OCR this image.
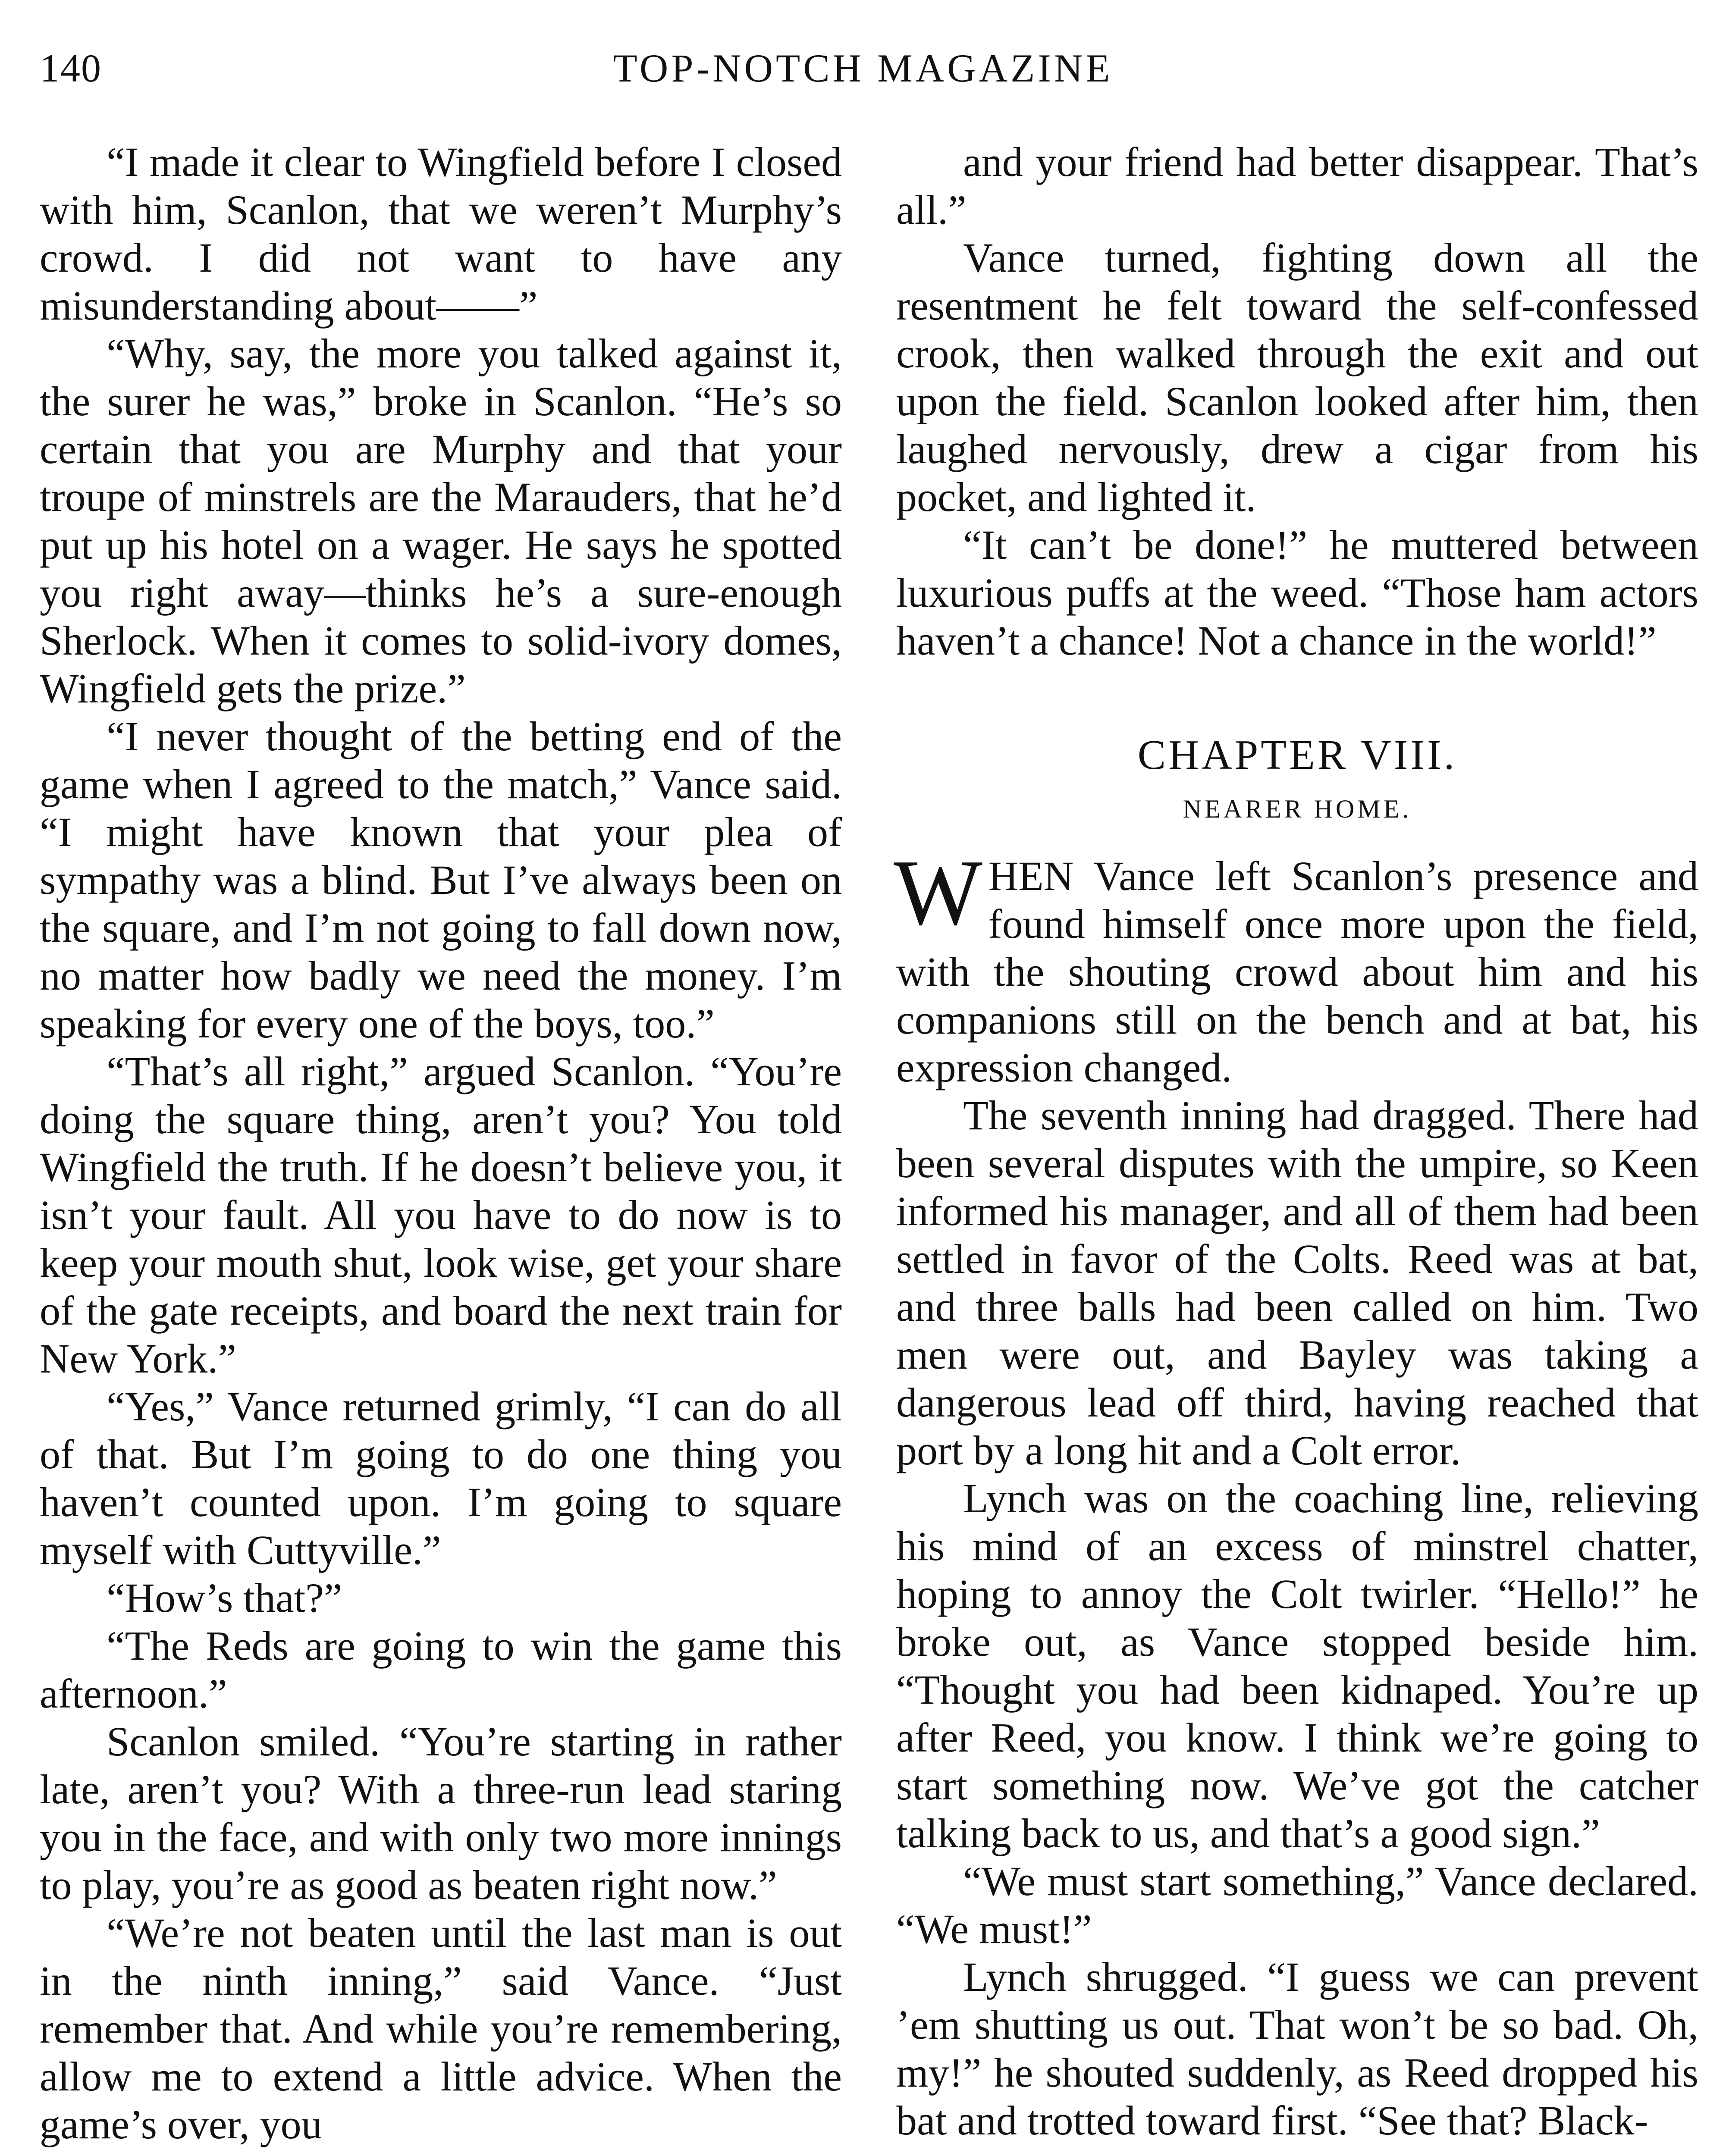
140	TOP-NOTCH MAGAZINE

“I made it clear to Wingfield before I closed with him, Scanlon, that we weren’t Murphy’s crowd. I did not want to have any misunderstanding about——”

“Why, say, the more you talked against it, the surer he was,” broke in Scanlon. “He’s so certain that you are Murphy and that your troupe of minstrels are the Marauders, that he’d put up his hotel on a wager. He says he spotted you right away—thinks he’s a sure-enough Sherlock. When it comes to solid-ivory domes, Wingfield gets the prize.”

“I never thought of the betting end of the game when I agreed to the match,” Vance said. “I might have known that your plea of sympathy was a blind. But I’ve always been on the square, and I’m not going to fall down now, no matter how badly we need the money. I’m speaking for every one of the boys, too.”

“That’s all right,” argued Scanlon. “You’re doing the square thing, aren’t you? You told Wingfield the truth. If he doesn’t believe you, it isn’t your fault. All you have to do now is to keep your mouth shut, look wise, get your share of the gate receipts, and board the next train for New York.”

“Yes,” Vance returned grimly, “I can do all of that. But I’m going to do one thing you haven’t counted upon. I’m going to square myself with Cuttyville.”

“How’s that?”

“The Reds are going to win the game this afternoon.”

Scanlon smiled. “You’re starting in rather late, aren’t you? With a three-run lead staring you in the face, and with only two more innings to play, you’re as good as beaten right now.”

“We’re not beaten until the last man is out in the ninth inning,” said Vance. “Just remember that. And while you’re remembering, allow me to extend a little advice. When the game’s over, you

and your friend had better disappear. That’s all.”

Vance turned, fighting down all the resentment he felt toward the self-confessed crook, then walked through the exit and out upon the field. Scanlon looked after him, then laughed nervously, drew a cigar from his pocket, and lighted it.

“It can’t be done!” he muttered between luxurious puffs at the weed. “Those ham actors haven’t a chance! Not a chance in the world!”

CHAPTER VIII.
NEARER HOME.

WHEN Vance left Scanlon’s presence and found himself once more upon the field, with the shouting crowd about him and his companions still on the bench and at bat, his expression changed.

The seventh inning had dragged. There had been several disputes with the umpire, so Keen informed his manager, and all of them had been settled in favor of the Colts. Reed was at bat, and three balls had been called on him. Two men were out, and Bayley was taking a dangerous lead off third, having reached that port by a long hit and a Colt error.

Lynch was on the coaching line, relieving his mind of an excess of minstrel chatter, hoping to annoy the Colt twirler. “Hello!” he broke out, as Vance stopped beside him. “Thought you had been kidnaped. You’re up after Reed, you know. I think we’re going to start something now. We’ve got the catcher talking back to us, and that’s a good sign.”

“We must start something,” Vance declared. “We must!”

Lynch shrugged. “I guess we can prevent ’em shutting us out. That won’t be so bad. Oh, my!” he shouted suddenly, as Reed dropped his bat and trotted toward first. “See that? Black-
